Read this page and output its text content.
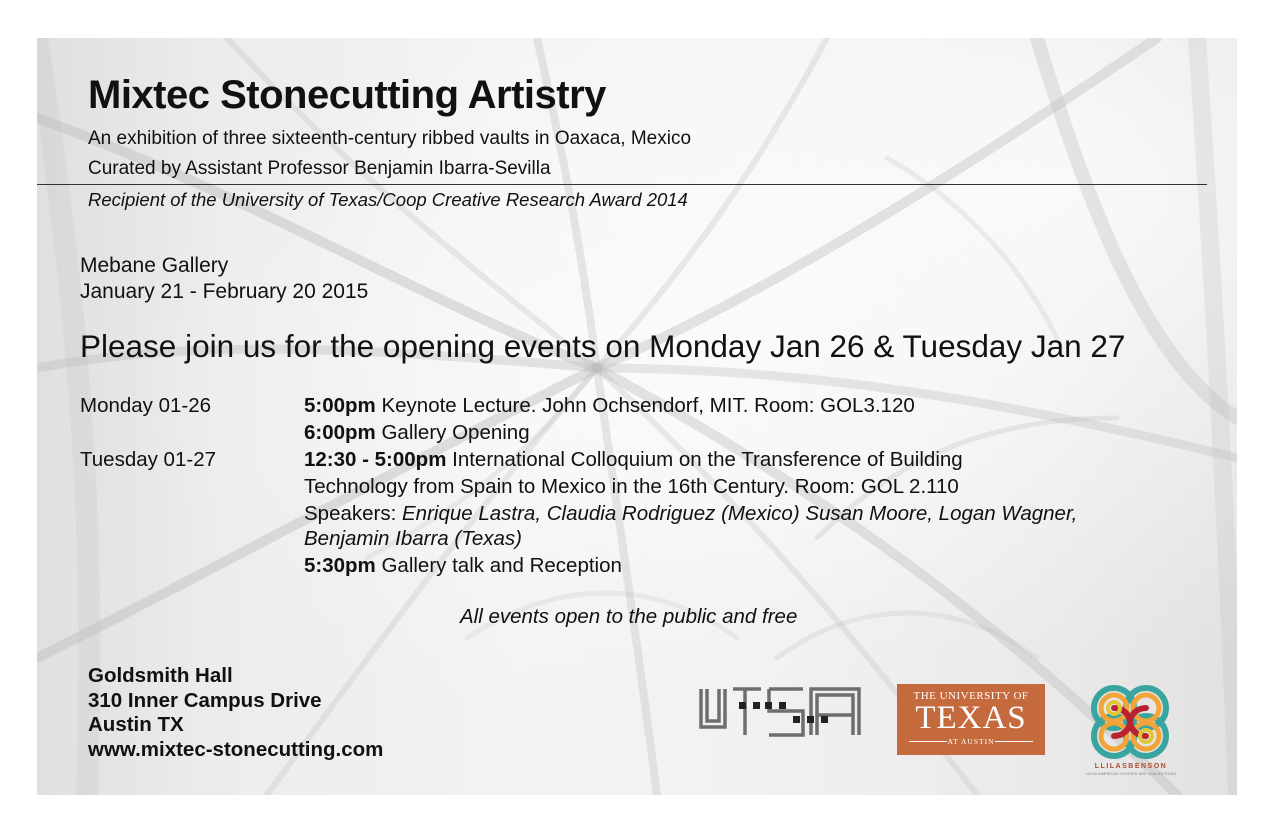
Mixtec Stonecutting Artistry
An exhibition of three sixteenth-century ribbed vaults in Oaxaca, Mexico
Curated by Assistant Professor Benjamin Ibarra-Sevilla
Recipient of the University of Texas/Coop Creative Research Award 2014
Mebane Gallery
January 21 - February 20 2015
Please join us for the opening events on Monday Jan 26 & Tuesday Jan 27
Monday 01-26	5:00pm Keynote Lecture. John Ochsendorf, MIT. Room: GOL3.120
6:00pm Gallery Opening
Tuesday 01-27	12:30 - 5:00pm International Colloquium on the Transference of Building
Technology from Spain to Mexico in the 16th Century. Room: GOL 2.110
Speakers: Enrique Lastra, Claudia Rodriguez (Mexico) Susan Moore, Logan Wagner,
Benjamin Ibarra (Texas)
5:30pm Gallery talk and Reception
All events open to the public and free
Goldsmith Hall
310 Inner Campus Drive
Austin TX
www.mixtec-stonecutting.com
THE UNIVERSITY OF
TEXAS
AT AUSTIN
LLILASBENSON
LATIN AMERICAN STUDIES AND COLLECTIONS
